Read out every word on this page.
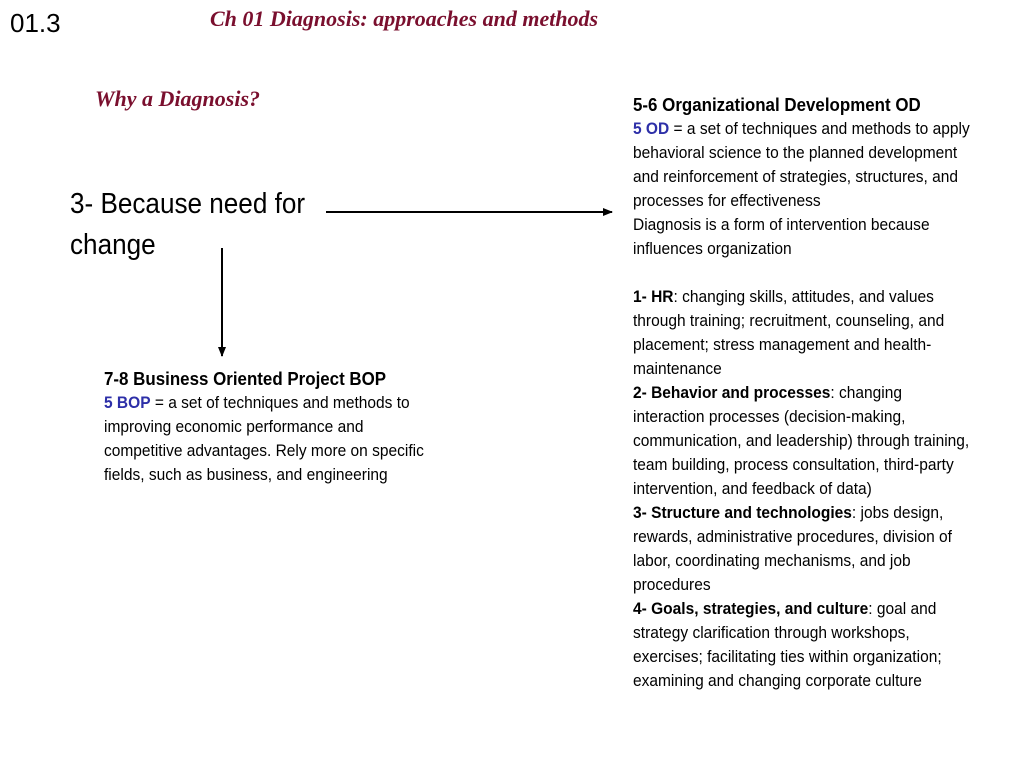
01.3	Ch 01 Diagnosis: approaches and methods
Why a Diagnosis?
3- Because need for
change
7-8 Business Oriented Project BOP
5 BOP = a set of techniques and methods to improving economic performance and competitive advantages. Rely more on specific fields, such as business, and engineering
5-6 Organizational Development OD
5 OD = a set of techniques and methods to apply behavioral science to the planned development and reinforcement of strategies, structures, and processes for effectiveness
Diagnosis is a form of intervention because influences organization
1- HR: changing skills, attitudes, and values through training; recruitment, counseling, and placement; stress management and health-maintenance
2- Behavior and processes: changing interaction processes (decision-making, communication, and leadership) through training, team building, process consultation, third-party intervention, and feedback of data)
3- Structure and technologies: jobs design, rewards, administrative procedures, division of labor, coordinating mechanisms, and job procedures
4- Goals, strategies, and culture: goal and strategy clarification through workshops, exercises; facilitating ties within organization; examining and changing corporate culture
